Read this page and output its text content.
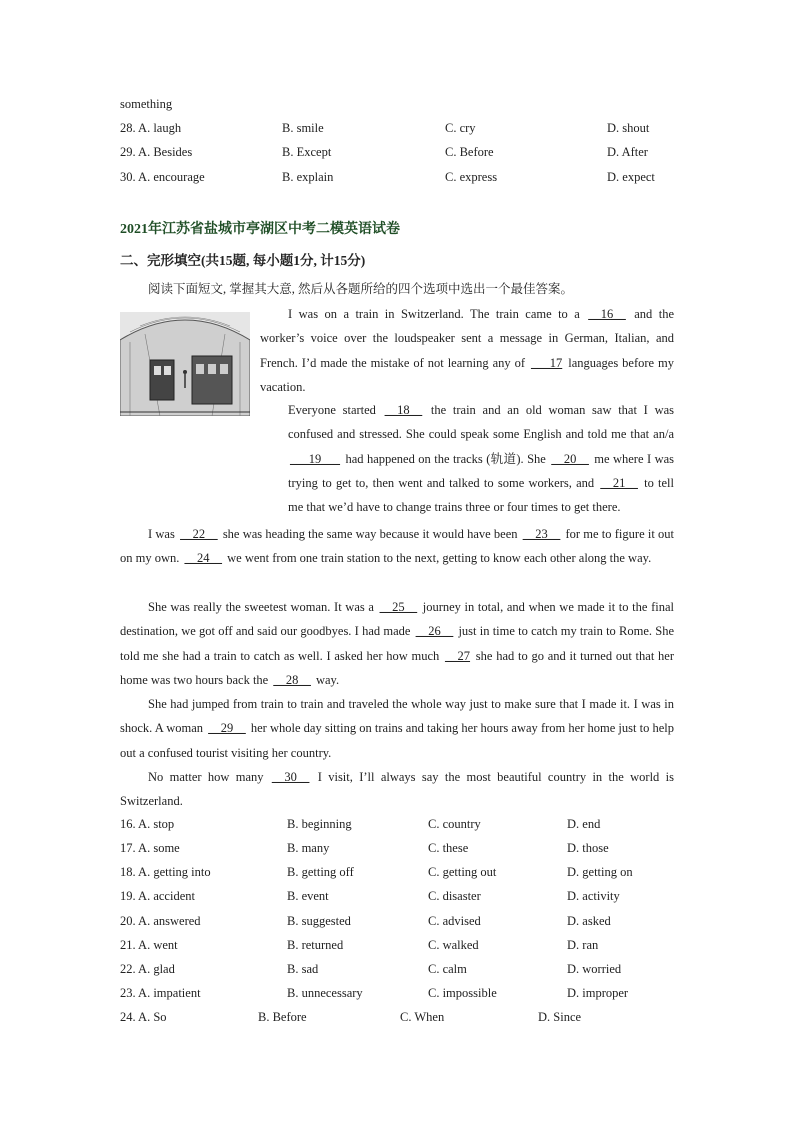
something
28. A. laugh	B. smile	C. cry	D. shout
29. A. Besides	B. Except	C. Before	D. After
30. A. encourage	B. explain	C. express	D. expect
2021年江苏省盐城市亭湖区中考二模英语试卷
二、完形填空(共15题, 每小题1分, 计15分)
阅读下面短文, 掌握其大意, 然后从各题所给的四个选项中选出一个最佳答案。
I was on a train in Switzerland. The train came to a __16__ and the worker’s voice over the loudspeaker sent a message in German, Italian, and French. I’d made the mistake of not learning any of ___17 languages before my vacation.
Everyone started __18__ the train and an old woman saw that I was confused and stressed. She could speak some English and told me that an/a ___19___ had happened on the tracks (轨道). She __20__ me where I was trying to get to, then went and talked to some workers, and __21__ to tell me that we’d have to change trains three or four times to get there.
I was __22__ she was heading the same way because it would have been __23__ for me to figure it out on my own. __24__ we went from one train station to the next, getting to know each other along the way.
She was really the sweetest woman. It was a __25__ journey in total, and when we made it to the final destination, we got off and said our goodbyes. I had made __26__ just in time to catch my train to Rome. She told me she had a train to catch as well. I asked her how much __27 she had to go and it turned out that her home was two hours back the __28__ way.
She had jumped from train to train and traveled the whole way just to make sure that I made it. I was in shock. A woman __29__ her whole day sitting on trains and taking her hours away from her home just to help out a confused tourist visiting her country.
No matter how many __30__ I visit, I’ll always say the most beautiful country in the world is Switzerland.
16. A. stop	B. beginning	C. country	D. end
17. A. some	B. many	C. these	D. those
18. A. getting into	B. getting off	C. getting out	D. getting on
19. A. accident	B. event	C. disaster	D. activity
20. A. answered	B. suggested	C. advised	D. asked
21. A. went	B. returned	C. walked	D. ran
22. A. glad	B. sad	C. calm	D. worried
23. A. impatient	B. unnecessary	C. impossible	D. improper
24. A. So	B. Before	C. When	D. Since
